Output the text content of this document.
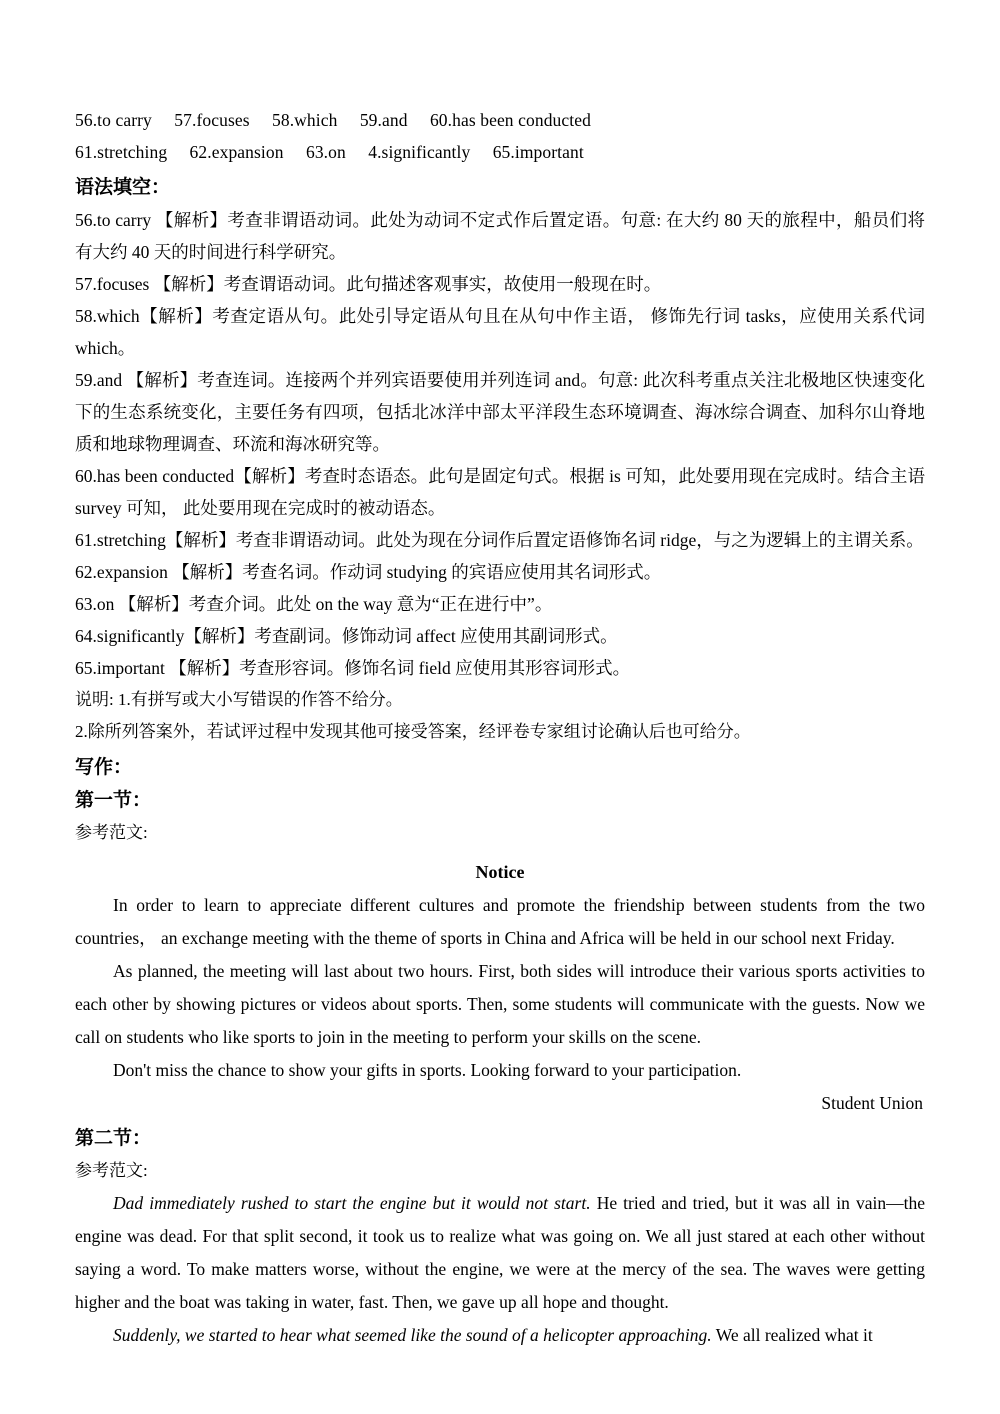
56.to carry     57.focuses     58.which     59.and     60.has been conducted
61.stretching     62.expansion     63.on     4.significantly     65.important
语法填空：

56.to carry 【解析】考查非谓语动词。此处为动词不定式作后置定语。句意: 在大约 80 天的旅程中，船员们将有大约 40 天的时间进行科学研究。

57.focuses 【解析】考查谓语动词。此句描述客观事实，故使用一般现在时。

58.which【解析】考查定语从句。此处引导定语从句且在从句中作主语， 修饰先行词 tasks，应使用关系代词 which。

59.and 【解析】考查连词。连接两个并列宾语要使用并列连词 and。句意: 此次科考重点关注北极地区快速变化下的生态系统变化，主要任务有四项，包括北冰洋中部太平洋段生态环境调查、海冰综合调查、加科尔山脊地质和地球物理调查、环流和海冰研究等。

60.has been conducted【解析】考查时态语态。此句是固定句式。根据 is 可知，此处要用现在完成时。结合主语 survey 可知， 此处要用现在完成时的被动语态。

61.stretching【解析】考查非谓语动词。此处为现在分词作后置定语修饰名词 ridge，与之为逻辑上的主谓关系。

62.expansion 【解析】考查名词。作动词 studying 的宾语应使用其名词形式。

63.on 【解析】考查介词。此处 on the way 意为“正在进行中”。

64.significantly【解析】考查副词。修饰动词 affect 应使用其副词形式。

65.important 【解析】考查形容词。修饰名词 field 应使用其形容词形式。

说明: 1.有拼写或大小写错误的作答不给分。

2.除所列答案外，若试评过程中发现其他可接受答案，经评卷专家组讨论确认后也可给分。

写作：
第一节：
参考范文:

Notice

In order to learn to appreciate different cultures and promote the friendship between students from the two countries， an exchange meeting with the theme of sports in China and Africa will be held in our school next Friday.

As planned, the meeting will last about two hours. First, both sides will introduce their various sports activities to each other by showing pictures or videos about sports. Then, some students will communicate with the guests. Now we call on students who like sports to join in the meeting to perform your skills on the scene.

Don't miss the chance to show your gifts in sports. Looking forward to your participation.

Student Union

第二节：
参考范文:

Dad immediately rushed to start the engine but it would not start. He tried and tried, but it was all in vain—the engine was dead. For that split second, it took us to realize what was going on. We all just stared at each other without saying a word. To make matters worse, without the engine, we were at the mercy of the sea. The waves were getting higher and the boat was taking in water, fast. Then, we gave up all hope and thought.

Suddenly, we started to hear what seemed like the sound of a helicopter approaching. We all realized what it
